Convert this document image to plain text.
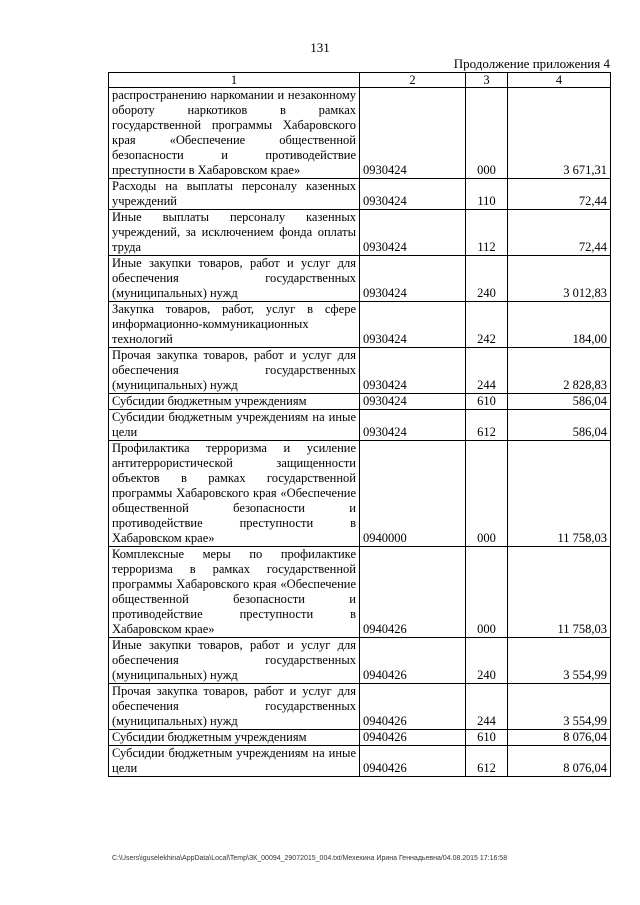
131
Продолжение приложения 4
1	2	3	4
распространению наркомании и незаконному обороту наркотиков в рамках государственной программы Хабаровского края «Обеспечение общественной безопасности и противодействие преступности в Хабаровском крае»	0930424	000	3 671,31
Расходы на выплаты персоналу казенных учреждений	0930424	110	72,44
Иные выплаты персоналу казенных учреждений, за исключением фонда оплаты труда	0930424	112	72,44
Иные закупки товаров, работ и услуг для обеспечения государственных (муниципальных) нужд	0930424	240	3 012,83
Закупка товаров, работ, услуг в сфере информационно-коммуникационных технологий	0930424	242	184,00
Прочая закупка товаров, работ и услуг для обеспечения государственных (муниципальных) нужд	0930424	244	2 828,83
Субсидии бюджетным учреждениям	0930424	610	586,04
Субсидии бюджетным учреждениям на иные цели	0930424	612	586,04
Профилактика терроризма и усиление антитеррористической защищенности объектов в рамках государственной программы Хабаровского края «Обеспечение общественной безопасности и противодействие преступности в Хабаровском крае»	0940000	000	11 758,03
Комплексные меры по профилактике терроризма в рамках государственной программы Хабаровского края «Обеспечение общественной безопасности и противодействие преступности в Хабаровском крае»	0940426	000	11 758,03
Иные закупки товаров, работ и услуг для обеспечения государственных (муниципальных) нужд	0940426	240	3 554,99
Прочая закупка товаров, работ и услуг для обеспечения государственных (муниципальных) нужд	0940426	244	3 554,99
Субсидии бюджетным учреждениям	0940426	610	8 076,04
Субсидии бюджетным учреждениям на иные цели	0940426	612	8 076,04
C:\Users\iguselekhina\AppData\Local\Temp\ЗК_00094_29072015_004.txt/Мехехина Ирина Геннадьевна/04.08.2015 17:16:58
